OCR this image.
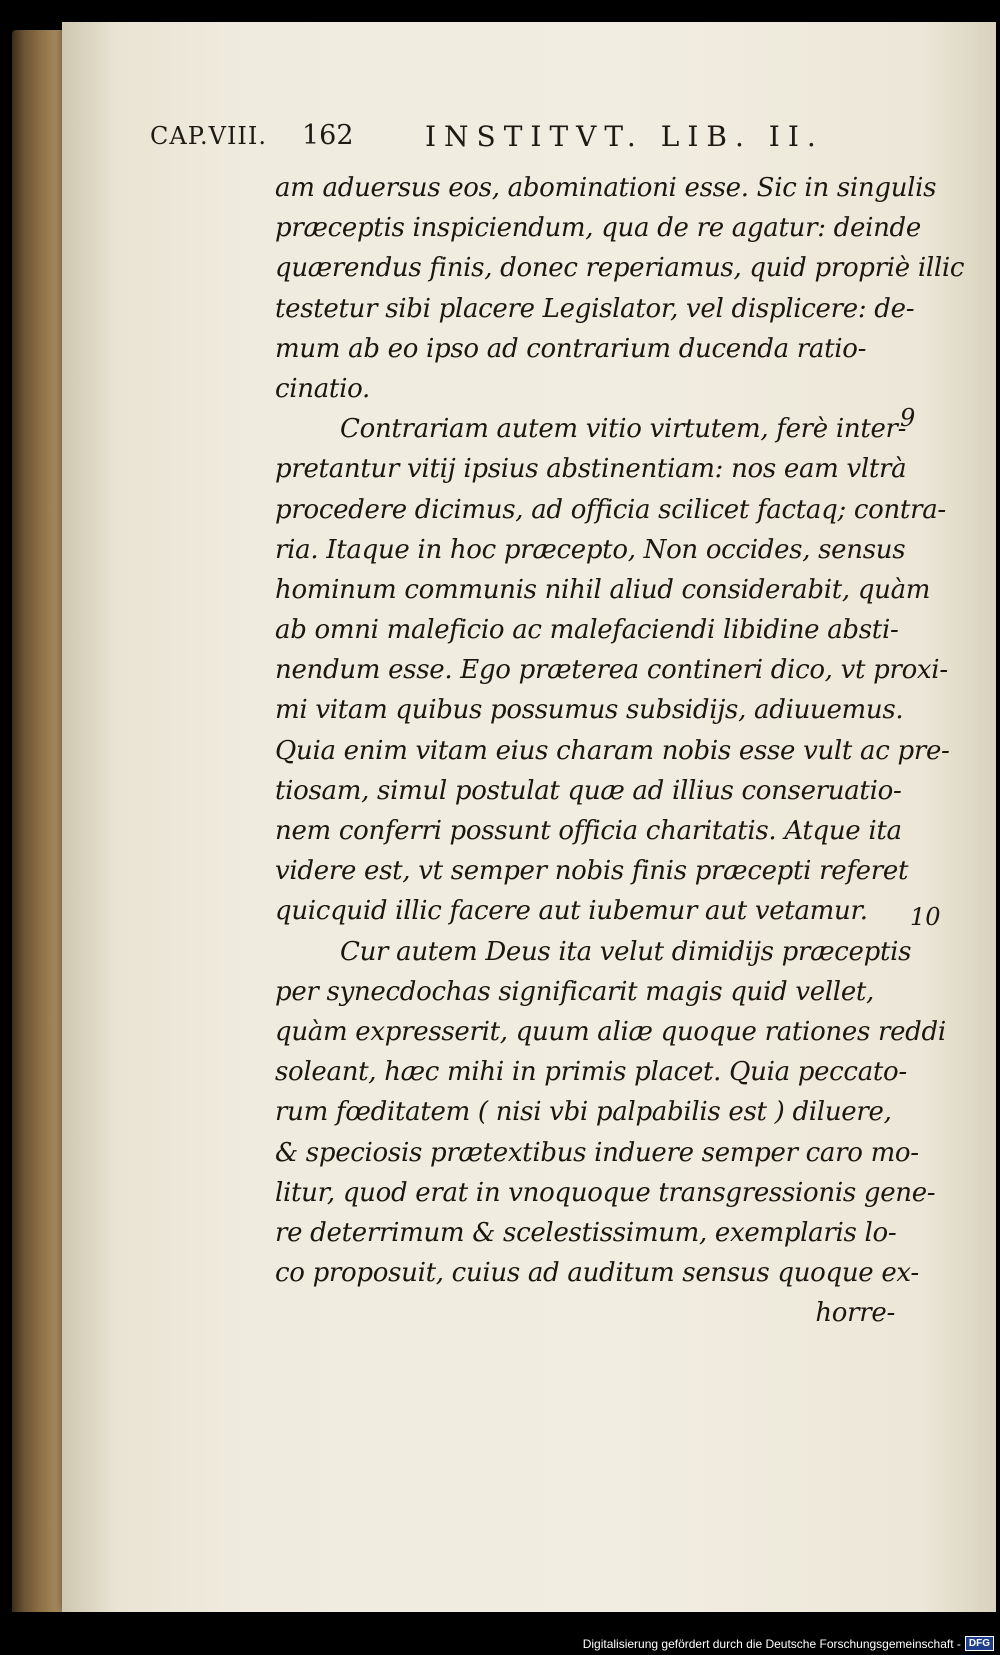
CAP.VIII. 162	INSTITVT. LIB. II.
am aduersus eos, abominationi esse. Sic in singulis
præceptis inspiciendum, qua de re agatur: deinde
quærendus finis, donec reperiamus, quid propriè illic
testetur sibi placere Legislator, vel displicere: de-
mum ab eo ipso ad contrarium ducenda ratio-
cinatio.
Contrariam autem vitio virtutem, ferè inter-
pretantur vitij ipsius abstinentiam: nos eam vltrà
procedere dicimus, ad officia scilicet factaq; contra-
ria. Itaque in hoc præcepto, Non occides, sensus
hominum communis nihil aliud considerabit, quàm
ab omni maleficio ac malefaciendi libidine absti-
nendum esse. Ego præterea contineri dico, vt proxi-
mi vitam quibus possumus subsidijs, adiuuemus.
Quia enim vitam eius charam nobis esse vult ac pre-
tiosam, simul postulat quæ ad illius conseruatio-
nem conferri possunt officia charitatis. Atque ita
videre est, vt semper nobis finis præcepti referet
quicquid illic facere aut iubemur aut vetamur.
Cur autem Deus ita velut dimidijs præceptis
per synecdochas significarit magis quid vellet,
quàm expresserit, quum aliæ quoque rationes reddi
soleant, hæc mihi in primis placet. Quia peccato-
rum fœditatem ( nisi vbi palpabilis est ) diluere,
& speciosis prætextibus induere semper caro mo-
litur, quod erat in vnoquoque transgressionis gene-
re deterrimum & scelestissimum, exemplaris lo-
co proposuit, cuius ad auditum sensus quoque ex-
horre-
9
10
Digitalisierung gefördert durch die Deutsche Forschungsgemeinschaft - DFG
